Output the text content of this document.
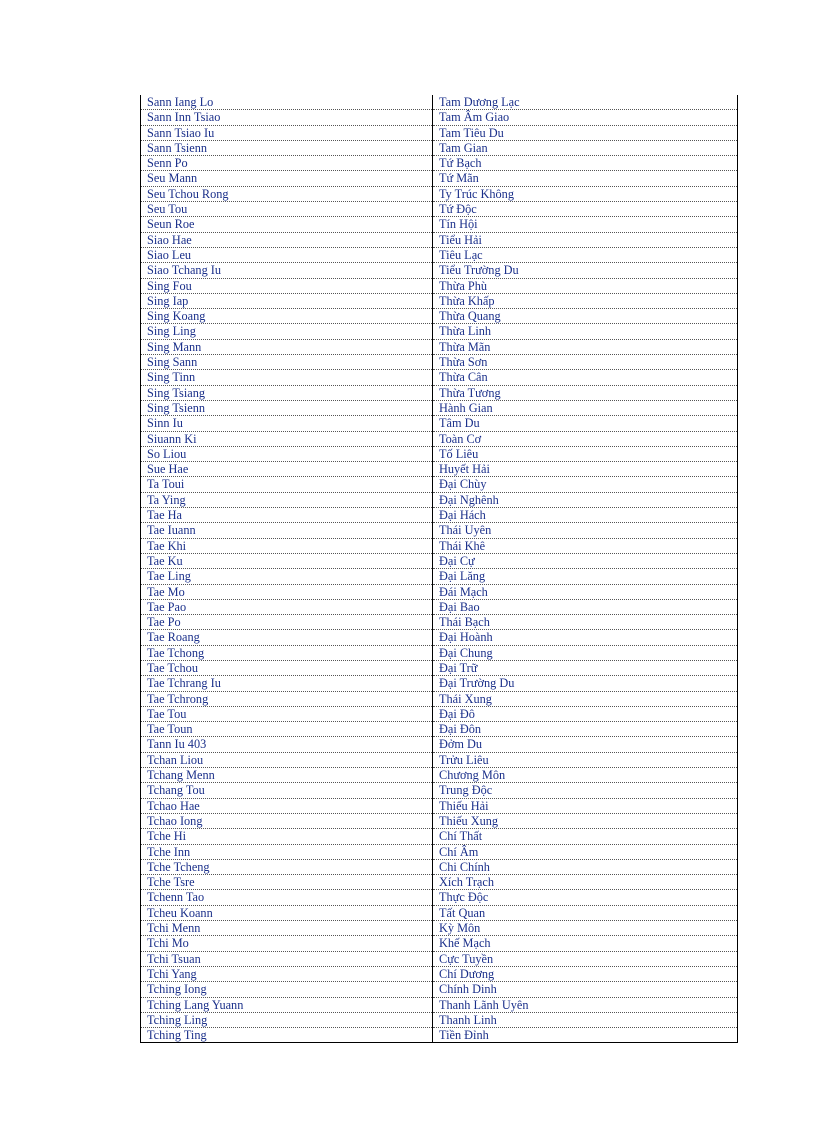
Sann Iang Lo	Tam Dương Lạc
Sann Inn Tsiao	Tam Âm Giao
Sann Tsiao Iu	Tam Tiêu Du
Sann Tsienn	Tam Gian
Senn Po	Tứ Bạch
Seu Mann	Tứ Mãn
Seu Tchou Rong	Ty Trúc Không
Seu Tou	Tứ Độc
Seun Roe	Tín Hội
Siao Hae	Tiểu Hải
Siao Leu	Tiêu Lạc
Siao Tchang Iu	Tiểu Trường Du
Sing Fou	Thừa Phù
Sing Iap	Thừa Khấp
Sing Koang	Thừa Quang
Sing Ling	Thừa Linh
Sing Mann	Thừa Mãn
Sing Sann	Thừa Sơn
Sing Tinn	Thừa Cân
Sing Tsiang	Thừa Tương
Sing Tsienn	Hành Gian
Sinn Iu	Tâm Du
Siuann Ki	Toàn Cơ
So Liou	Tố Liêu
Sue Hae	Huyết Hải
Ta Toui	Đại Chùy
Ta Ying	Đại Nghênh
Tae Ha	Đại Hách
Tae Iuann	Thái Uyên
Tae Khi	Thái Khê
Tae Ku	Đại Cự
Tae Ling	Đại Lăng
Tae Mo	Đái Mạch
Tae Pao	Đại Bao
Tae Po	Thái Bạch
Tae Roang	Đại Hoành
Tae Tchong	Đại Chung
Tae Tchou	Đại Trữ
Tae Tchrang Iu	Đại Trường Du
Tae Tchrong	Thái Xung
Tae Tou	Đại Đô
Tae Toun	Đại Đôn
Tann Iu 403	Đởm Du
Tchan Liou	Trửu Liêu
Tchang Menn	Chương Môn
Tchang Tou	Trung Độc
Tchao Hae	Thiếu Hải
Tchao Iong	Thiếu Xung
Tche Hi	Chí Thất
Tche Inn	Chí Âm
Tche Tcheng	Chi Chính
Tche Tsre	Xích Trạch
Tchenn Tao	Thực Độc
Tcheu Koann	Tất Quan
Tchi Menn	Kỳ Môn
Tchi Mo	Khế Mạch
Tchi Tsuan	Cực Tuyền
Tchi Yang	Chí Dương
Tching Iong	Chính Dinh
Tching Lang Yuann	Thanh Lãnh Uyên
Tching Ling	Thanh Linh
Tching Ting	Tiền Đỉnh
